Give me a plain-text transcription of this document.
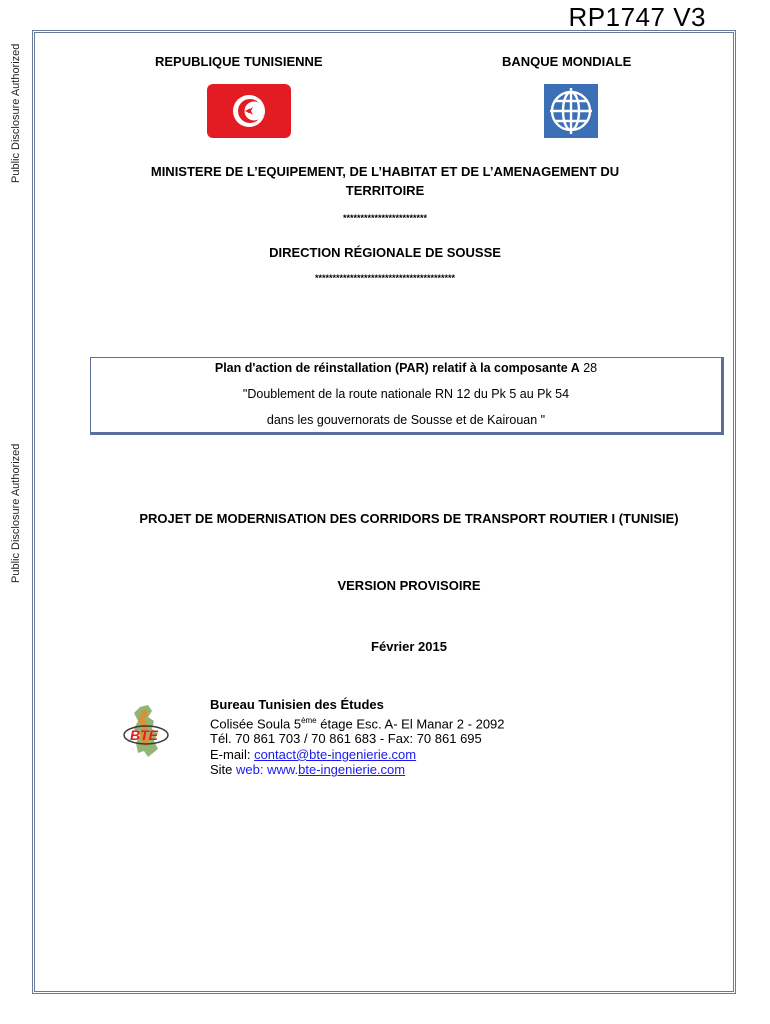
RP1747 V3
Public Disclosure Authorized
Public Disclosure Authorized
REPUBLIQUE TUNISIENNE	BANQUE MONDIALE
MINISTERE DE L’EQUIPEMENT, DE L’HABITAT ET DE L’AMENAGEMENT DU
TERRITOIRE
************************
DIRECTION RÉGIONALE DE SOUSSE
****************************************
Plan d'action de réinstallation (PAR) relatif à la composante A 28
"Doublement de la route nationale RN 12 du Pk 5 au Pk 54
dans les gouvernorats de Sousse et de Kairouan "
PROJET DE MODERNISATION DES CORRIDORS DE TRANSPORT ROUTIER I (TUNISIE)
VERSION PROVISOIRE
Février 2015
BTE
Bureau Tunisien des Études
Colisée Soula 5ème étage Esc. A- El Manar 2 - 2092
Tél. 70 861 703 / 70 861 683 - Fax: 70 861 695
E-mail: contact@bte-ingenierie.com
Site web: www.bte-ingenierie.com
